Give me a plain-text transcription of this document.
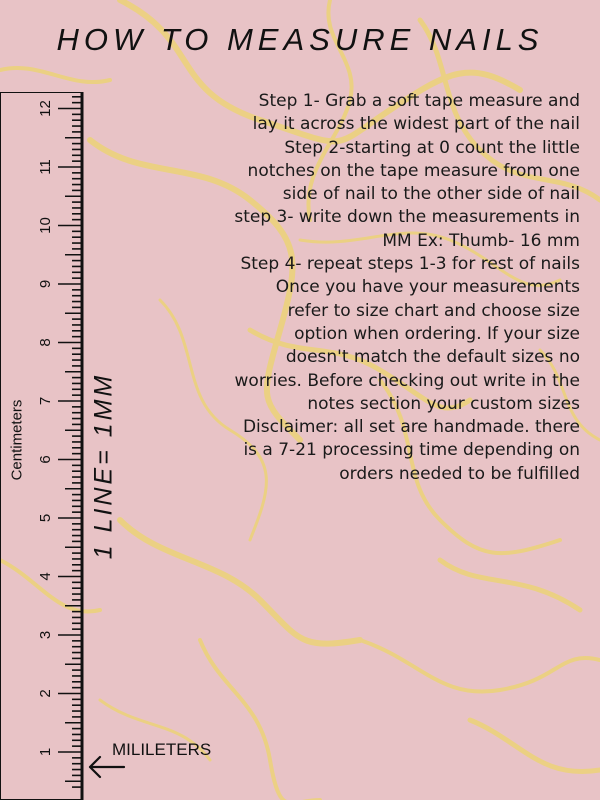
HOW TO MEASURE NAILS
1
2
3
4
5
6
7
8
9
10
11
12
Centimeters	1 LINE= 1MM
MILILETERS

Step 1- Grab a soft tape measure and lay it across the widest part of the nail

Step 2-starting at 0 count the little notches on the tape measure from one side of nail to the other side of nail

step 3- write down the measurements in MM Ex: Thumb- 16 mm

Step 4- repeat steps 1-3 for rest of nails

Once you have your measurements refer to size chart and choose size option when ordering. If your size doesn't match the default sizes no worries. Before checking out write in the notes section your custom sizes

Disclaimer: all set are handmade. there is a 7-21 processing time depending on orders needed to be fulfilled
